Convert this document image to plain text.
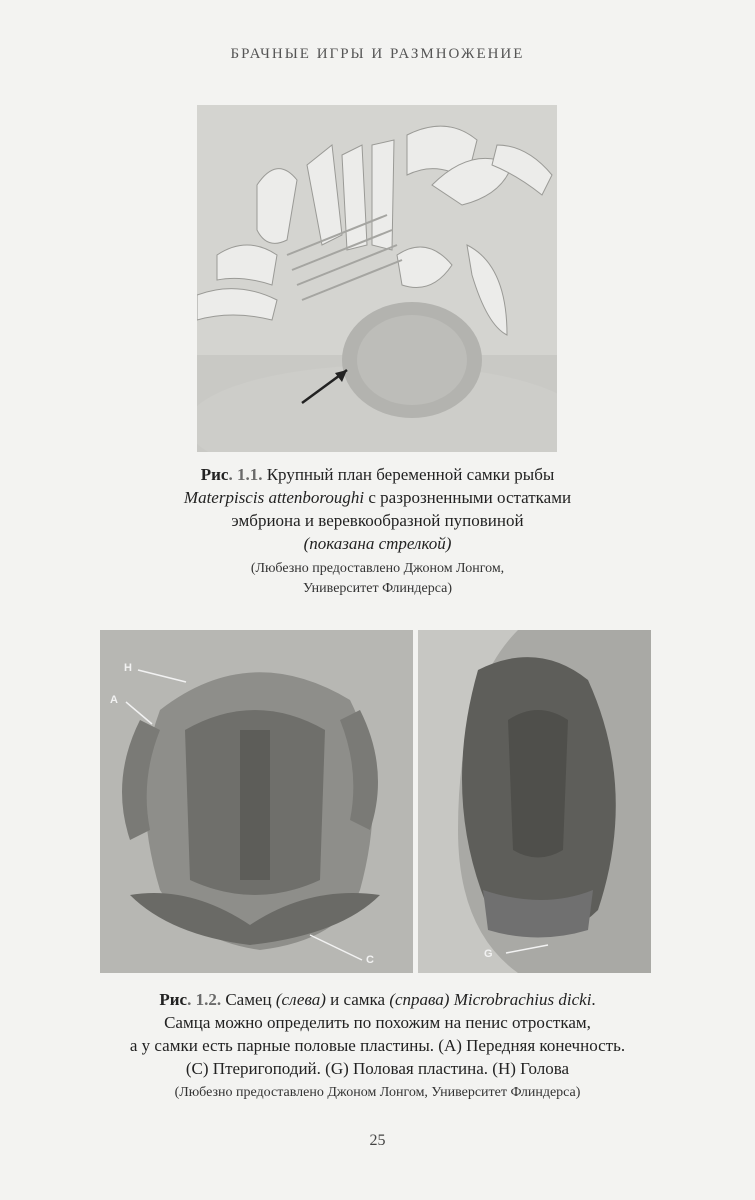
БРАЧНЫЕ ИГРЫ И РАЗМНОЖЕНИЕ
Рис. 1.1. Крупный план беременной самки рыбы
Materpiscis attenboroughi с разрозненными остатками
эмбриона и веревкообразной пуповиной
(показана стрелкой)
(Любезно предоставлено Джоном Лонгом,
Университет Флиндерса)
H
A
C	G
Рис. 1.2. Самец (слева) и самка (справа) Microbrachius dicki.
Самца можно определить по похожим на пенис отросткам,
а у самки есть парные половые пластины. (A) Передняя конечность.
(C) Птеригоподий. (G) Половая пластина. (H) Голова
(Любезно предоставлено Джоном Лонгом, Университет Флиндерса)
25
